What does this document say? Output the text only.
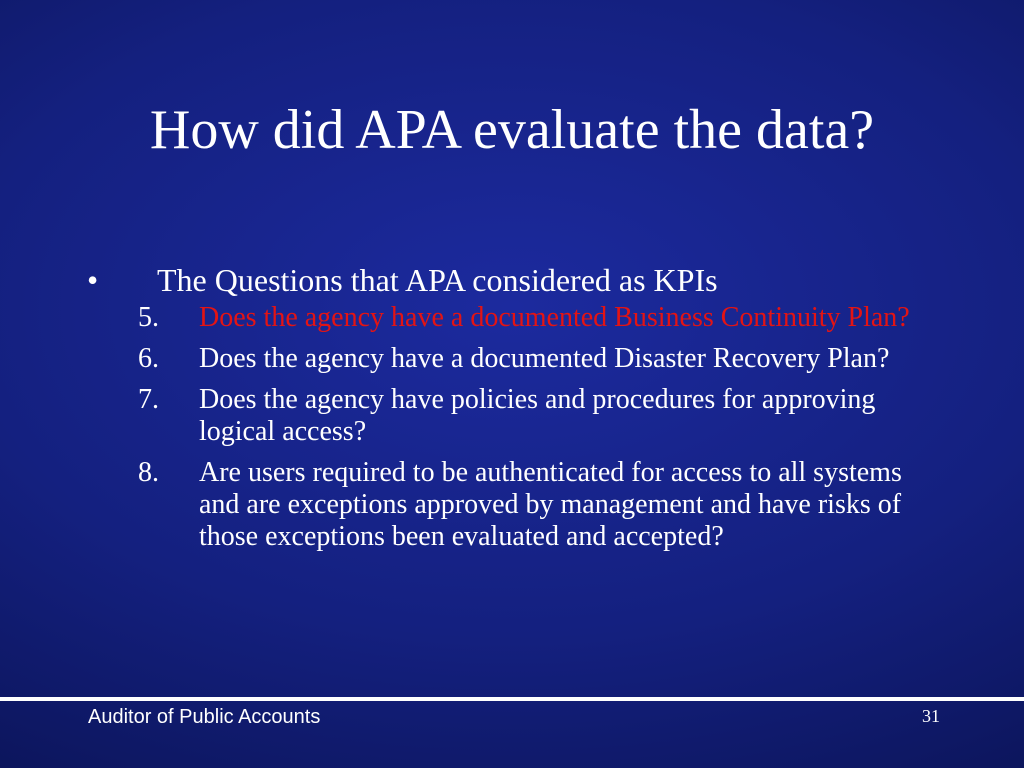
How did APA evaluate the data?
• The Questions that APA considered as KPIs
5. Does the agency have a documented Business Continuity Plan?
6. Does the agency have a documented Disaster Recovery Plan?
7. Does the agency have policies and procedures for approving logical access?
8. Are users required to be authenticated for access to all systems and are exceptions approved by management and have risks of those exceptions been evaluated and accepted?
Auditor of Public Accounts	31
